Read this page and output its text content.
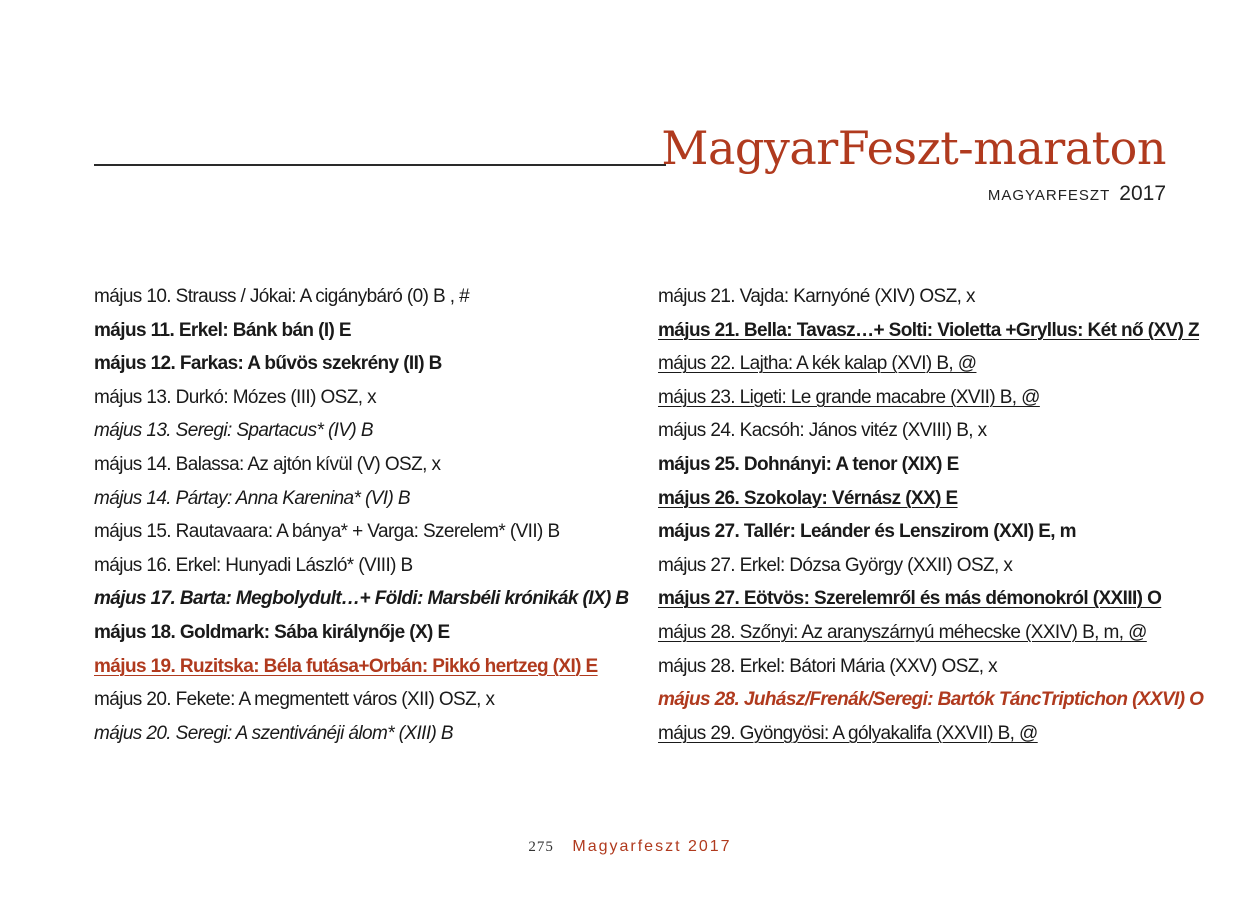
MagyarFeszt-maraton
MAGYARFESZT 2017
május 10. Strauss / Jókai: A cigánybáró (0) B , #
május 11. Erkel: Bánk bán (I) E
május 12. Farkas: A bűvös szekrény (II) B
május 13. Durkó: Mózes (III) OSZ, x
május 13. Seregi: Spartacus* (IV) B
május 14. Balassa: Az ajtón kívül (V) OSZ, x
május 14. Pártay: Anna Karenina* (VI) B
május 15. Rautavaara: A bánya* + Varga: Szerelem* (VII) B
május 16. Erkel: Hunyadi László* (VIII) B
május 17. Barta: Megbolydult…+ Földi: Marsbéli krónikák (IX) B
május 18. Goldmark: Sába királynője (X) E
május 19. Ruzitska: Béla futása+Orbán: Pikkó hertzeg (XI) E
május 20. Fekete: A megmentett város (XII) OSZ, x
május 20. Seregi: A szentivánéji álom* (XIII) B
május 21. Vajda: Karnyóné (XIV) OSZ, x
május 21. Bella: Tavasz…+ Solti: Violetta +Gryllus: Két nő (XV) Z
május 22. Lajtha: A kék kalap (XVI) B, @
május 23. Ligeti: Le grande macabre (XVII) B, @
május 24. Kacsóh: János vitéz (XVIII) B, x
május 25. Dohnányi: A tenor (XIX) E
május 26. Szokolay: Vérnász (XX) E
május 27. Tallér: Leánder és Lenszirom (XXI) E, m
május 27. Erkel: Dózsa György (XXII) OSZ, x
május 27. Eötvös: Szerelemről és más démonokról (XXIII) O
május 28. Szőnyi: Az aranyszárnyú méhecske (XXIV) B, m, @
május 28. Erkel: Bátori Mária (XXV) OSZ, x
május 28. Juhász/Frenák/Seregi: Bartók TáncTriptichon (XXVI) O
május 29. Gyöngyösi: A gólyakalifa (XXVII) B, @
275 Magyarfeszt 2017
